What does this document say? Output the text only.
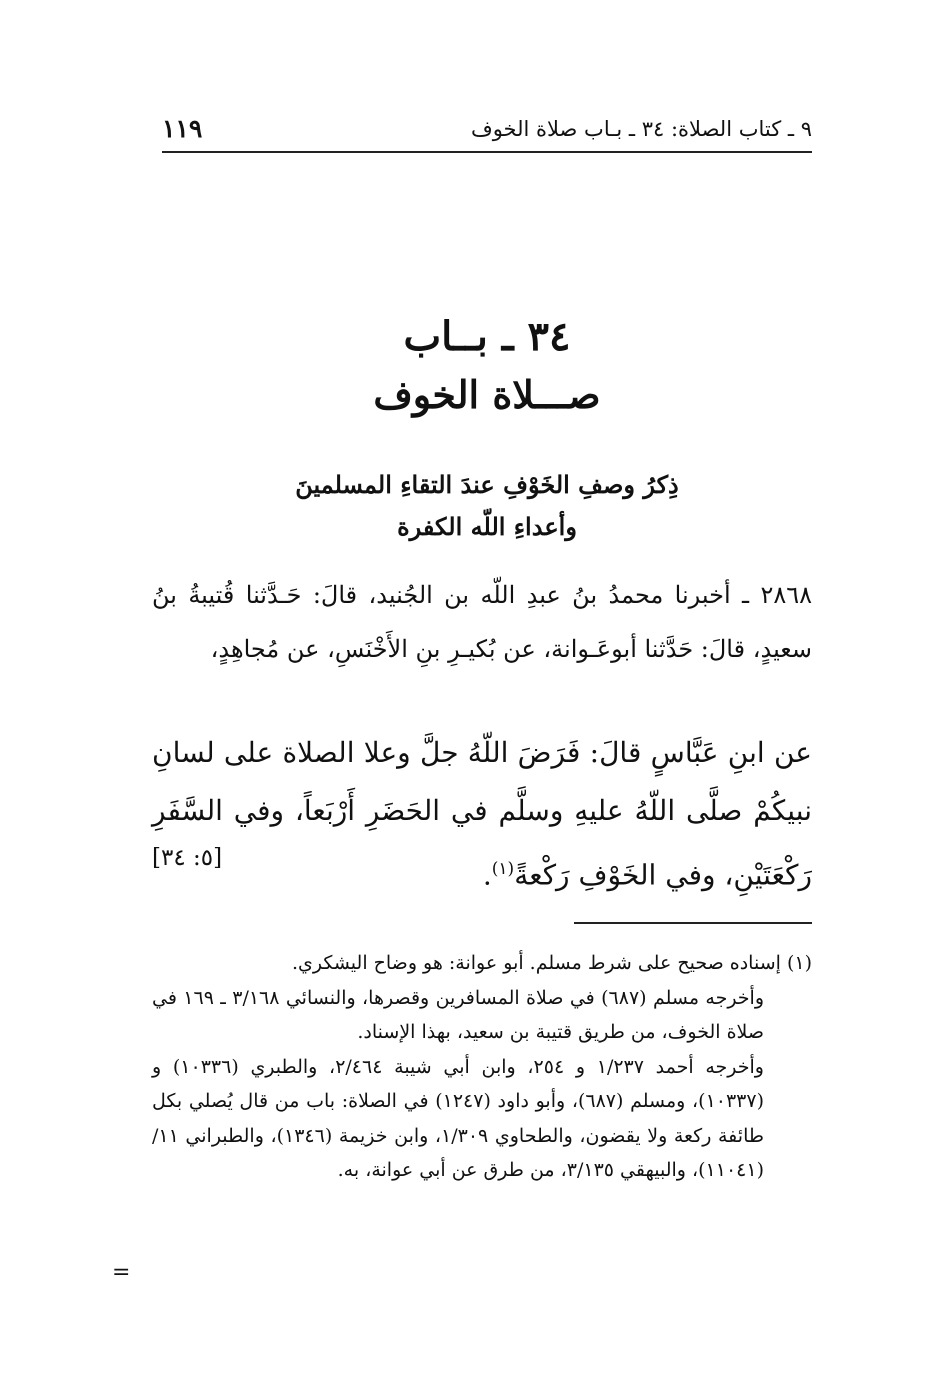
٩ ـ كتاب الصلاة: ٣٤ ـ بـاب صلاة الخوف
١١٩
٣٤ ـ بــاب
صـــلاة الخوف
ذِكرُ وصفِ الخَوْفِ عندَ التقاءِ المسلمينَ
وأعداءِ اللّه الكفرة
٢٨٦٨ ـ أخبرنا محمدُ بنُ عبدِ اللّه بن الجُنيد، قالَ: حَـدَّثنا قُتيبةُ بنُ سعيدٍ، قالَ: حَدَّثنا أبوعَـوانة، عن بُكيـرِ بنِ الأَخْنَسِ، عن مُجاهِدٍ،
عن ابنِ عَبَّاسٍ قالَ: فَرَضَ اللّهُ جلَّ وعلا الصلاة على لسانِ نبيكُمْ صلَّى اللّهُ عليهِ وسلَّم في الحَضَرِ أَرْبَعاً، وفي السَّفَرِ رَكْعَتَيْنِ، وفي الخَوْفِ رَكْعةً$^{(١)}$.
[٥: ٣٤]

(١) إسناده صحيح على شرط مسلم. أبو عوانة: هو وضاح اليشكري.

وأخرجه مسلم (٦٨٧) في صلاة المسافرين وقصرها، والنسائي ٣/١٦٨ ـ ١٦٩ في صلاة الخوف، من طريق قتيبة بن سعيد، بهذا الإسناد.

وأخرجه أحمد ١/٢٣٧ و ٢٥٤، وابن أبي شيبة ٢/٤٦٤، والطبري (١٠٣٣٦) و (١٠٣٣٧)، ومسلم (٦٨٧)، وأبو داود (١٢٤٧) في الصلاة: باب من قال يُصلي بكل طائفة ركعة ولا يقضون، والطحاوي ١/٣٠٩، وابن خزيمة (١٣٤٦)، والطبراني ١١/ (١١٠٤١)، والبيهقي ٣/١٣٥، من طرق عن أبي عوانة، به.

=
